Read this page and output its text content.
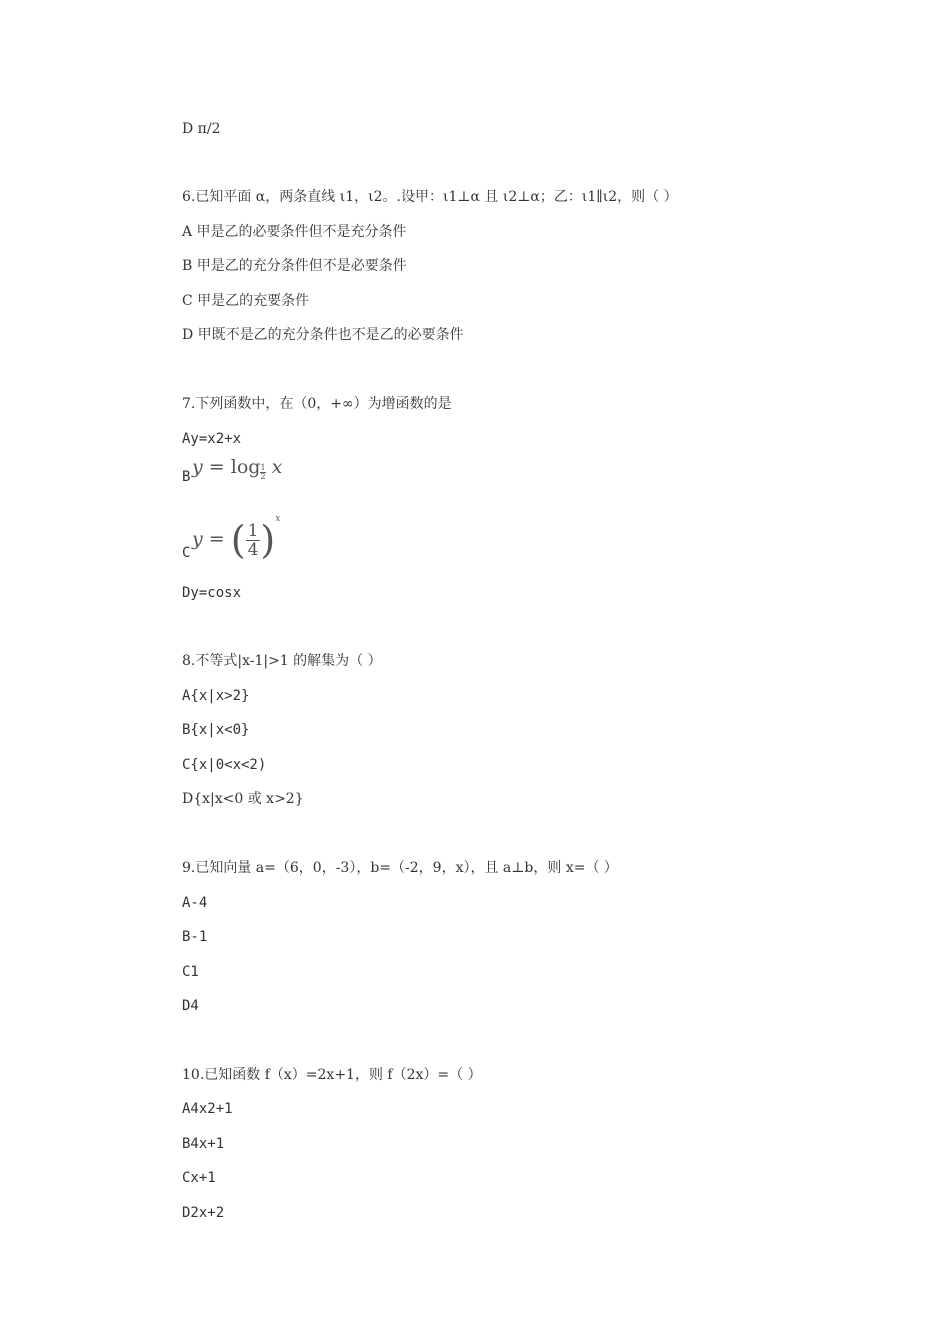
D π/2
6.已知平面 α，两条直线 ι1，ι2。.设甲：ι1⊥α 且 ι2⊥α；乙：ι1∥ι2，则（ ）
A 甲是乙的必要条件但不是充分条件
B 甲是乙的充分条件但不是必要条件
C 甲是乙的充要条件
D 甲既不是乙的充分条件也不是乙的必要条件
7.下列函数中，在（0，+∞）为增函数的是
Ay=x2+x
B $y = \log \frac{1}{2}$ x
C
y = ( $\frac{1}{4} )^x$
Dy=cosx
8.不等式|x-1|>1 的解集为（ ）
A{x|x>2}
B{x|x<0}
C{x|0<x<2)
D{x|x<0 或 x>2}
9.已知向量 a=（6，0，-3），b=（-2，9，x），且 a⊥b，则 x=（ ）
A-4
B-1
C1
D4
10.已知函数 f（x）=2x+1，则 f（2x）=（ ）
A4x2+1
B4x+1
Cx+1
D2x+2
